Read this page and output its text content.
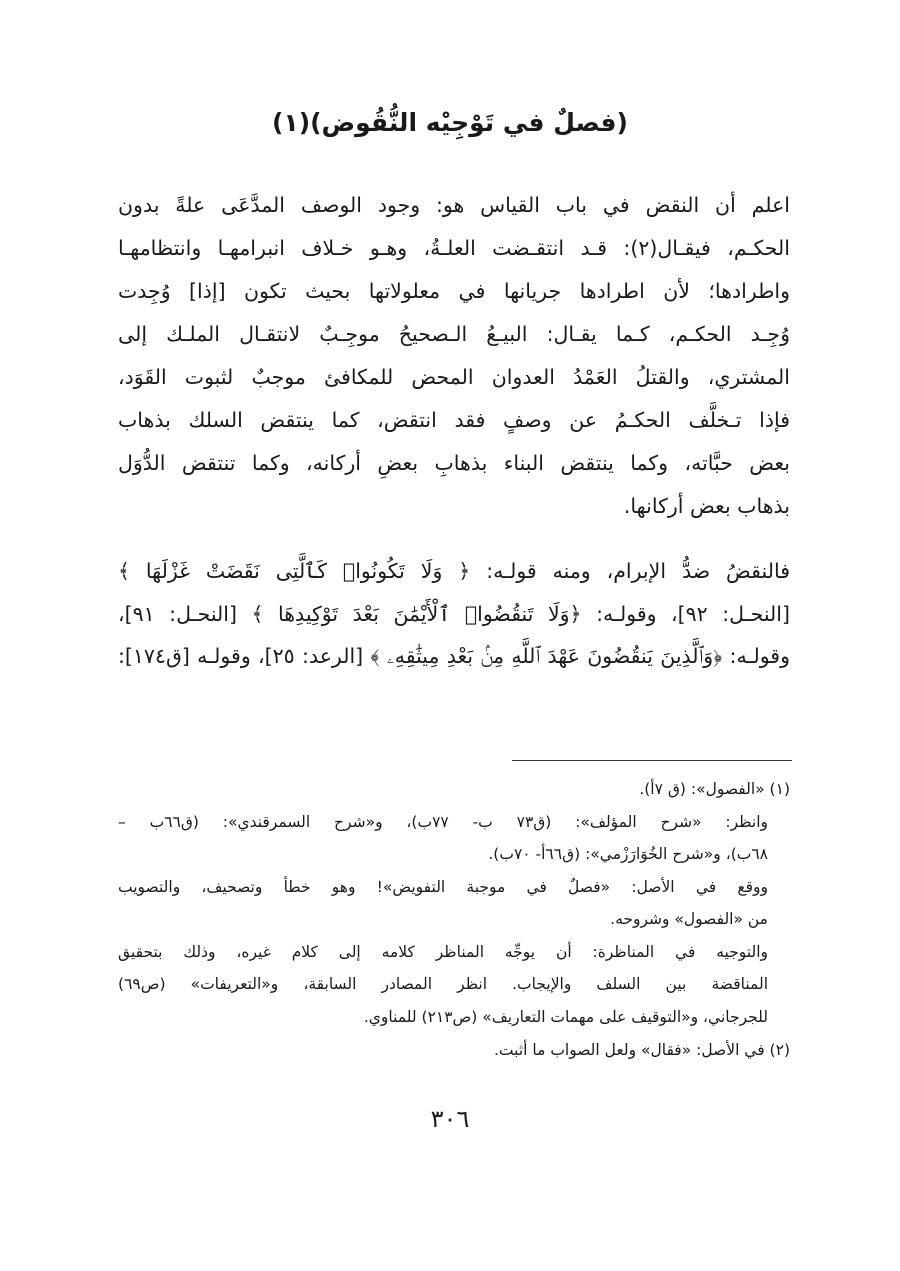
(فصلٌ في تَوْجِيْه النُّقُوض)(١)
اعلم أن النقض في باب القياس هو: وجود الوصف المدَّعَى علةً بدون
الحكـم، فيقـال(٢): قـد انتقـضت العلـةُ، وهـو خـلاف انبرامهـا وانتظامهـا
واطرادها؛ لأن اطرادها جريانها في معلولاتها بحيث تكون [إذا] وُجِدت
وُجِـد الحكـم، كـما يقـال: البيـعُ الـصحيحُ موجِـبٌ لانتقـال الملـك إلى
المشتري، والقتلُ العَمْدُ العدوان المحض للمكافئ موجبٌ لثبوت القَوَد،
فإذا تـخلَّف الحكـمُ عن وصفٍ فقد انتقض، كما ينتقض السلك بذهاب
بعض حبَّاته، وكما ينتقض البناء بذهابِ بعضِ أركانه، وكما تنتقض الدُّوَل
بذهاب بعض أركانها.
فالنقضُ ضدُّ الإبرام، ومنه قولـه: ﴿ وَلَا تَكُونُوا۟ كَٱلَّتِى نَقَضَتْ غَزْلَهَا ﴾
[النحـل: ٩٢]، وقولـه: ﴿وَلَا تَنقُضُوا۟ ٱلْأَيْمَٰنَ بَعْدَ تَوْكِيدِهَا ﴾ [النحـل: ٩١]،
وقولـه: ﴿وَٱلَّذِينَ يَنقُضُونَ عَهْدَ ٱللَّهِ مِنۢ بَعْدِ مِيثَٰقِهِۦ ﴾ [الرعد: ٢٥]، وقولـه [ق١٧٤]:
(١) «الفصول»: (ق ٧أ).
وانظر: «شرح المؤلف»: (ق٧٣ ب- ٧٧ب)، و«شرح السمرقندي»: (ق٦٦ب –
٦٨ب)، و«شرح الخُوَارَزْمي»: (ق٦٦أ- ٧٠ب).
ووقع في الأصل: «فصلٌ في موجبة التفويض»! وهو خطأ وتصحيف، والتصويب
من «الفصول» وشروحه.
والتوجيه في المناظرة: أن يوجِّه المناظر كلامه إلى كلام غيره، وذلك بتحقيق
المناقضة بين السلف والإيجاب. انظر المصادر السابقة، و«التعريفات» (ص٦٩)
للجرجاني، و«التوقيف على مهمات التعاريف» (ص٢١٣) للمناوي.
(٢) في الأصل: «فقال» ولعل الصواب ما أثبت.
٣٠٦
